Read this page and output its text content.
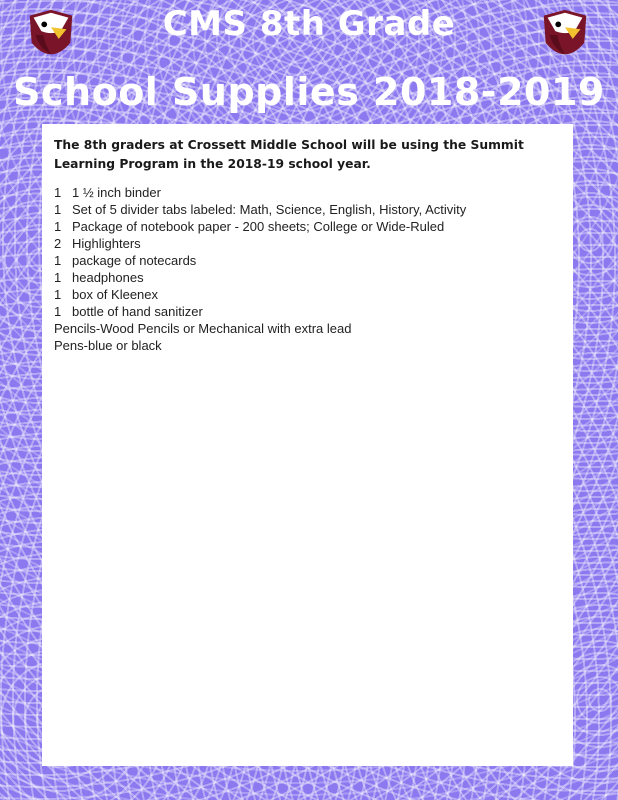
CMS 8th Grade
School Supplies 2018-2019
The 8th graders at Crossett Middle School will be using the Summit Learning Program in the 2018-19 school year.
1 1 ½ inch binder
1 Set of 5 divider tabs labeled: Math, Science, English, History, Activity
1 Package of notebook paper - 200 sheets; College or Wide-Ruled
2 Highlighters
1 package of notecards
1 headphones
1 box of Kleenex
1 bottle of hand sanitizer
Pencils-Wood Pencils or Mechanical with extra lead
Pens-blue or black
